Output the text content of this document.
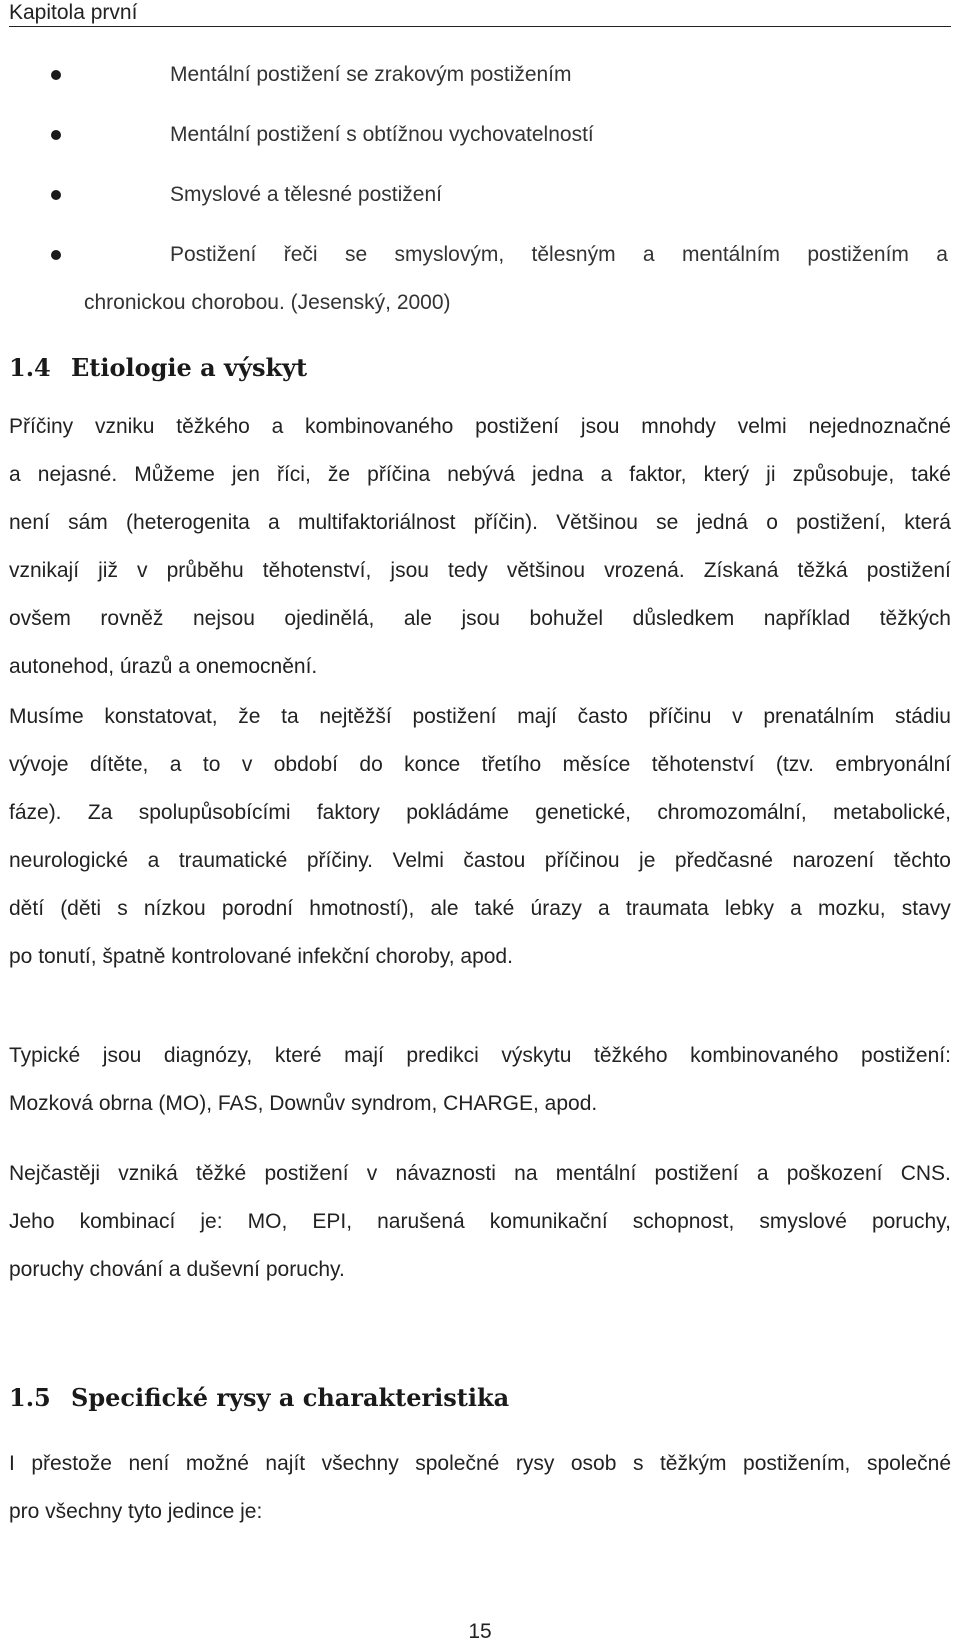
Kapitola první
Mentální postižení se zrakovým postižením
Mentální postižení s obtížnou vychovatelností
Smyslové a tělesné postižení
Postižení řeči se smyslovým, tělesným a mentálním postižením a
chronickou chorobou. (Jesenský, 2000)
1.4 Etiologie a výskyt
Příčiny vzniku těžkého a kombinovaného postižení jsou mnohdy velmi nejednoznačné
a nejasné. Můžeme jen říci, že příčina nebývá jedna a faktor, který ji způsobuje, také
není sám (heterogenita a multifaktoriálnost příčin). Většinou se jedná o postižení, která
vznikají již v průběhu těhotenství, jsou tedy většinou vrozená. Získaná těžká postižení
ovšem rovněž nejsou ojedinělá, ale jsou bohužel důsledkem například těžkých
autonehod, úrazů a onemocnění.
Musíme konstatovat, že ta nejtěžší postižení mají často příčinu v prenatálním stádiu
vývoje dítěte, a to v období do konce třetího měsíce těhotenství (tzv. embryonální
fáze). Za spolupůsobícími faktory pokládáme genetické, chromozomální, metabolické,
neurologické a traumatické příčiny. Velmi častou příčinou je předčasné narození těchto
dětí (děti s nízkou porodní hmotností), ale také úrazy a traumata lebky a mozku, stavy
po tonutí, špatně kontrolované infekční choroby, apod.
Typické jsou diagnózy, které mají predikci výskytu těžkého kombinovaného postižení:
Mozková obrna (MO), FAS, Downův syndrom, CHARGE, apod.
Nejčastěji vzniká těžké postižení v návaznosti na mentální postižení a poškození CNS.
Jeho kombinací je: MO, EPI, narušená komunikační schopnost, smyslové poruchy,
poruchy chování a duševní poruchy.
1.5 Specifické rysy a charakteristika
I přestože není možné najít všechny společné rysy osob s těžkým postižením, společné
pro všechny tyto jedince je:
15
